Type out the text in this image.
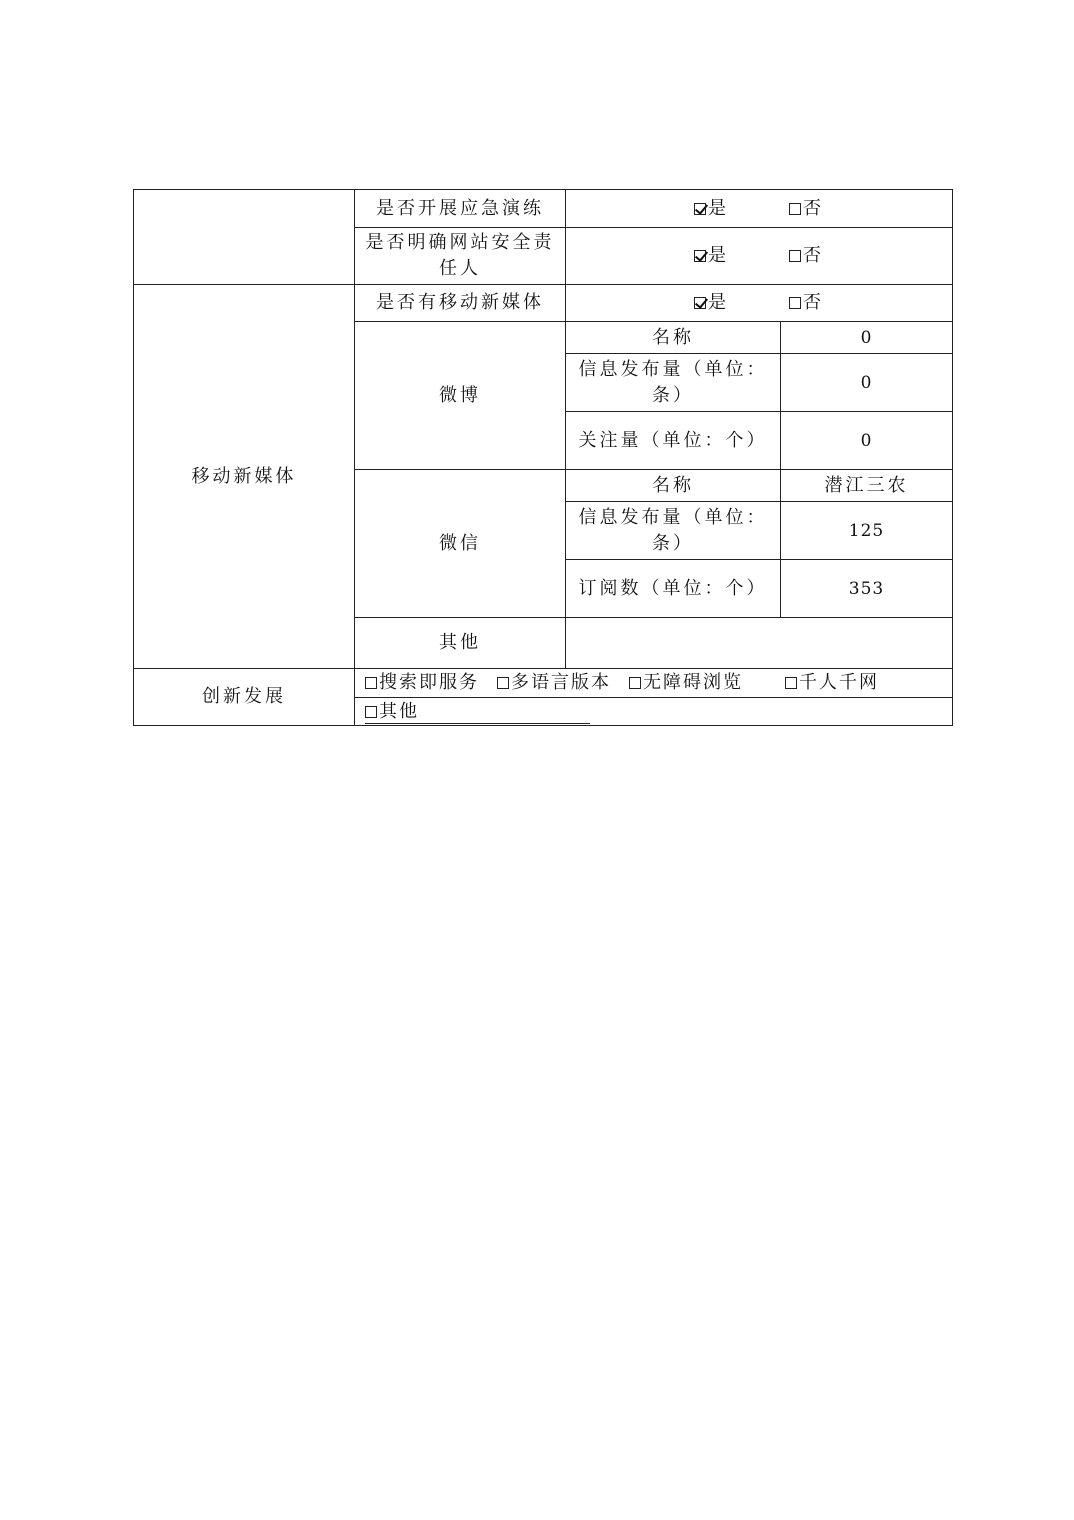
	是否开展应急演练	是 否	
	是否明确网站安全责任人	是 否	
移动新媒体	是否有移动新媒体	是 否	
	微博	名称	0
		信息发布量（单位：条）	0
		关注量（单位：个）	0
	微信	名称	潜江三农
		信息发布量（单位：条）	125
		订阅数（单位：个）	353
	其他		
创新发展	搜索即服务 多语言版本 无障碍浏览 千人千网		
	其他		
